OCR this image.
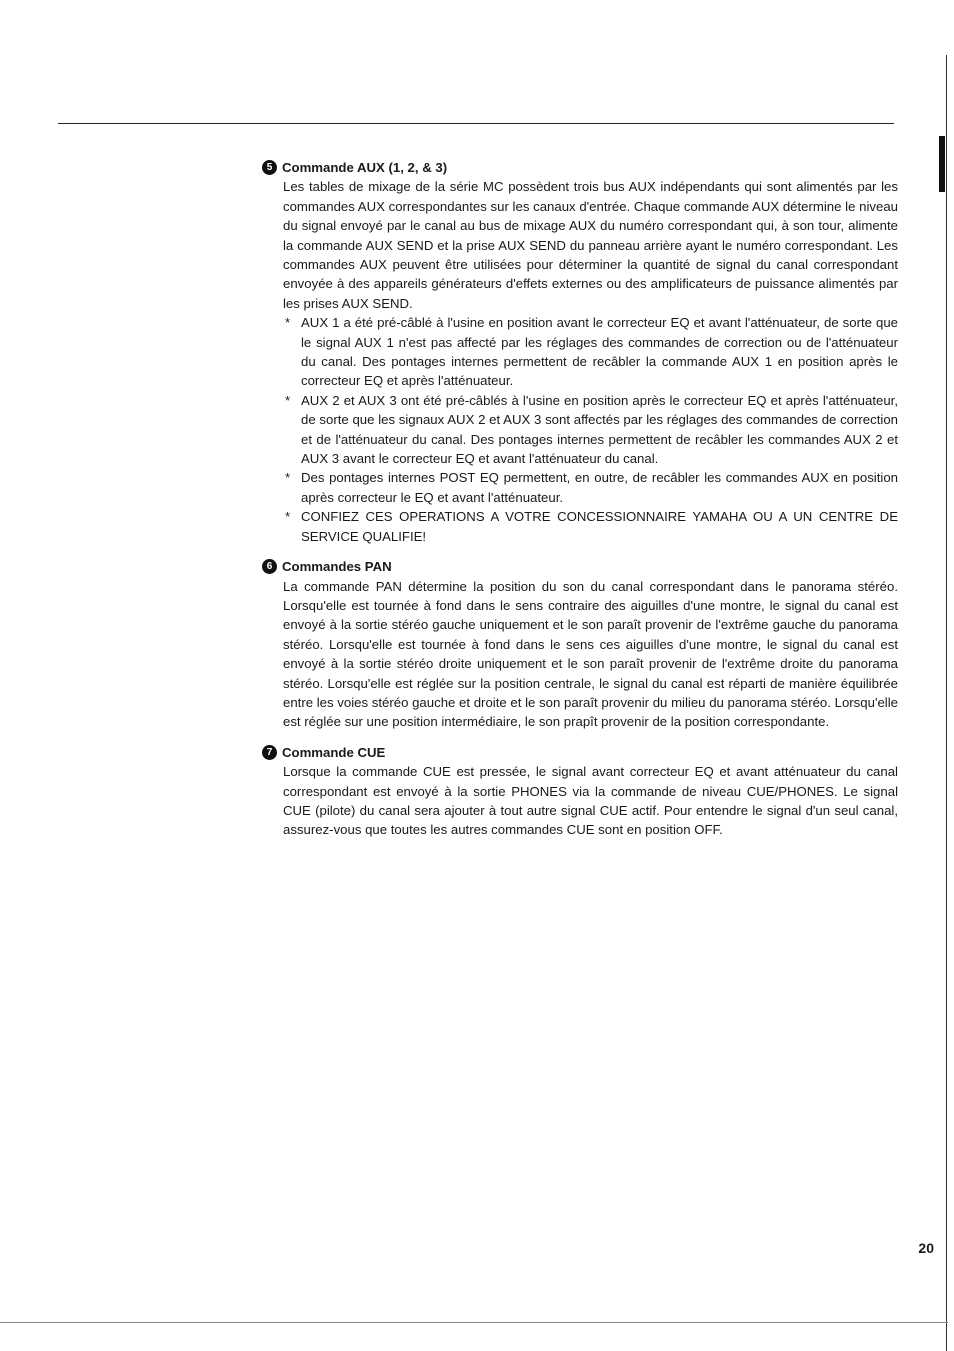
5 Commande AUX (1, 2, & 3)

Les tables de mixage de la série MC possèdent trois bus AUX indépendants qui sont alimentés par les commandes AUX correspondantes sur les canaux d'entrée. Chaque commande AUX détermine le niveau du signal envoyé par le canal au bus de mixage AUX du numéro correspondant qui, à son tour, alimente la commande AUX SEND et la prise AUX SEND du panneau arrière ayant le numéro correspondant. Les commandes AUX peuvent être utilisées pour déterminer la quantité de signal du canal correspondant envoyée à des appareils générateurs d'effets externes ou des amplificateurs de puissance alimentés par les prises AUX SEND.

* AUX 1 a été pré-câblé à l'usine en position avant le correcteur EQ et avant l'atténuateur, de sorte que le signal AUX 1 n'est pas affecté par les réglages des commandes de correction ou de l'atténuateur du canal. Des pontages internes permettent de recâbler la commande AUX 1 en position après le correcteur EQ et après l'atténuateur.
* AUX 2 et AUX 3 ont été pré-câblés à l'usine en position après le correcteur EQ et après l'atténuateur, de sorte que les signaux AUX 2 et AUX 3 sont affectés par les réglages des commandes de correction et de l'atténuateur du canal. Des pontages internes permettent de recâbler les commandes AUX 2 et AUX 3 avant le correcteur EQ et avant l'atténuateur du canal.
* Des pontages internes POST EQ permettent, en outre, de recâbler les commandes AUX en position après correcteur le EQ et avant l'atténuateur.
* CONFIEZ CES OPERATIONS A VOTRE CONCESSIONNAIRE YAMAHA OU A UN CENTRE DE SERVICE QUALIFIE!
6 Commandes PAN

La commande PAN détermine la position du son du canal correspondant dans le panorama stéréo. Lorsqu'elle est tournée à fond dans le sens contraire des aiguilles d'une montre, le signal du canal est envoyé à la sortie stéréo gauche uniquement et le son paraît provenir de l'extrême gauche du panorama stéréo. Lorsqu'elle est tournée à fond dans le sens ces aiguilles d'une montre, le signal du canal est envoyé à la sortie stéréo droite uniquement et le son paraît provenir de l'extrême droite du panorama stéréo. Lorsqu'elle est réglée sur la position centrale, le signal du canal est réparti de manière équilibrée entre les voies stéréo gauche et droite et le son paraît provenir du milieu du panorama stéréo. Lorsqu'elle est réglée sur une position intermédiaire, le son prapît provenir de la position correspondante.

7 Commande CUE

Lorsque la commande CUE est pressée, le signal avant correcteur EQ et avant atténuateur du canal correspondant est envoyé à la sortie PHONES via la commande de niveau CUE/PHONES. Le signal CUE (pilote) du canal sera ajouter à tout autre signal CUE actif. Pour entendre le signal d'un seul canal, assurez-vous que toutes les autres commandes CUE sont en position OFF.

20
